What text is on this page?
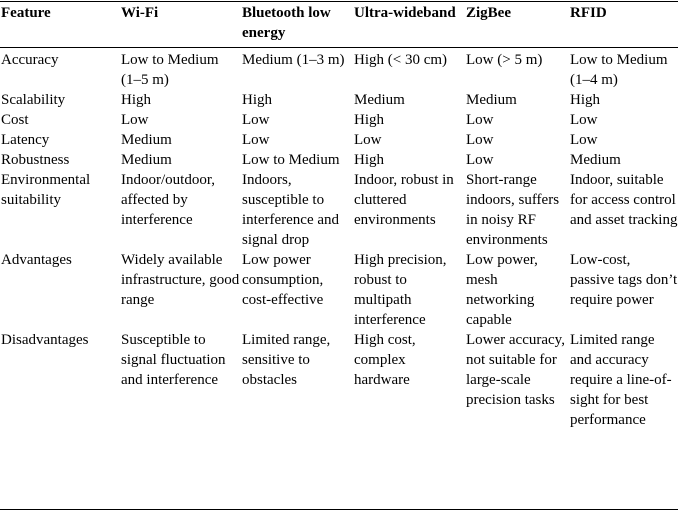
Feature	Wi-Fi	Bluetooth low energy	Ultra-wideband	ZigBee	RFID
Accuracy	Low to Medium (1–5 m)	Medium (1–3 m)	High (< 30 cm)	Low (> 5 m)	Low to Medium (1–4 m)
Scalability	High	High	Medium	Medium	High
Cost	Low	Low	High	Low	Low
Latency	Medium	Low	Low	Low	Low
Robustness	Medium	Low to Medium	High	Low	Medium
Environmental suitability	Indoor/outdoor, affected by interference	Indoors, susceptible to interference and signal drop	Indoor, robust in cluttered environments	Short-range indoors, suffers in noisy RF environments	Indoor, suitable for access control and asset tracking
Advantages	Widely available infrastructure, good range	Low power consumption, cost-effective	High precision, robust to multipath interference	Low power, mesh networking capable	Low-cost, passive tags don’t require power
Disadvantages	Susceptible to signal fluctuation and interference	Limited range, sensitive to obstacles	High cost, complex hardware	Lower accuracy, not suitable for large-scale precision tasks	Limited range and accuracy require a line-of-sight for best performance
